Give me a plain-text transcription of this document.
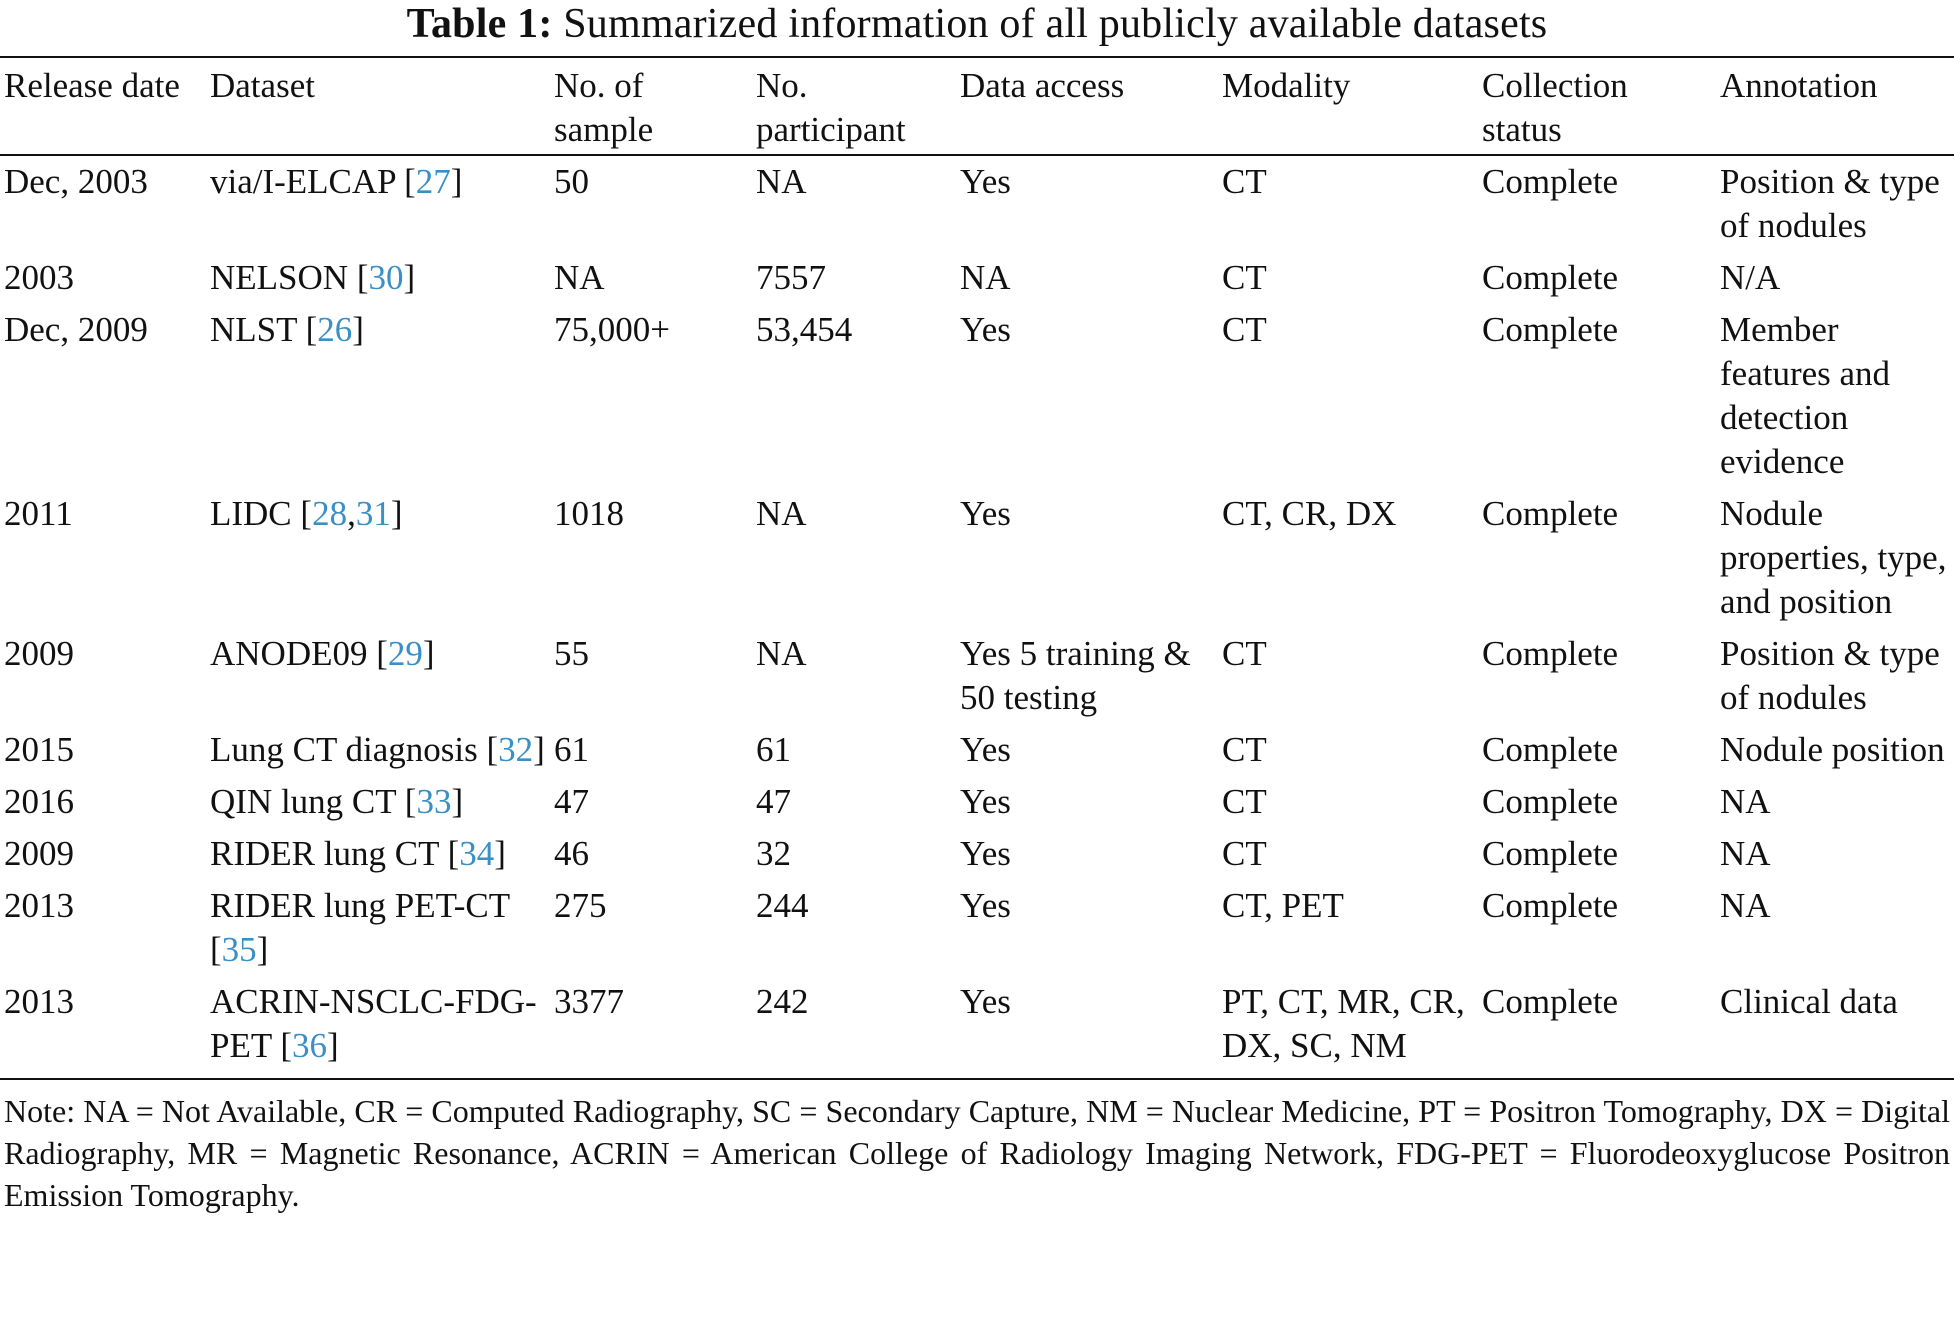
Table 1: Summarized information of all publicly available datasets
Release date	Dataset	No. of sample	No. participant	Data access	Modality	Collection status	Annotation
Dec, 2003	via/I-ELCAP [27]	50	NA	Yes	CT	Complete	Position & type of nodules
2003	NELSON [30]	NA	7557	NA	CT	Complete	N/A
Dec, 2009	NLST [26]	75,000+	53,454	Yes	CT	Complete	Member features and detection evidence
2011	LIDC [28,31]	1018	NA	Yes	CT, CR, DX	Complete	Nodule properties, type, and position
2009	ANODE09 [29]	55	NA	Yes 5 training & 50 testing	CT	Complete	Position & type of nodules
2015	Lung CT diagnosis [32]	61	61	Yes	CT	Complete	Nodule position
2016	QIN lung CT [33]	47	47	Yes	CT	Complete	NA
2009	RIDER lung CT [34]	46	32	Yes	CT	Complete	NA
2013	RIDER lung PET-CT [35]	275	244	Yes	CT, PET	Complete	NA
2013	ACRIN-NSCLC-FDG-PET [36]	3377	242	Yes	PT, CT, MR, CR, DX, SC, NM	Complete	Clinical data
Note: NA = Not Available, CR = Computed Radiography, SC = Secondary Capture, NM = Nuclear Medicine, PT = Positron Tomography, DX = Digital Radiography, MR = Magnetic Resonance, ACRIN = American College of Radiology Imaging Network, FDG-PET = Fluorodeoxyglucose Positron Emission Tomography.
